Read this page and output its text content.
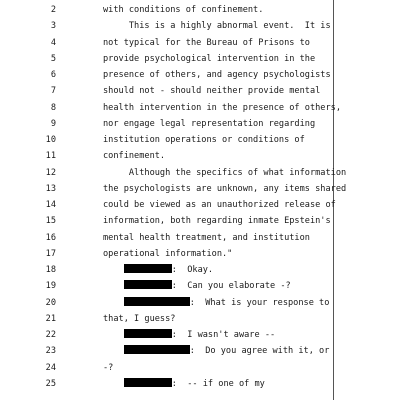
2	with conditions of confinement.
3	This is a highly abnormal event.  It is
4	not typical for the Bureau of Prisons to
5	provide psychological intervention in the
6	presence of others, and agency psychologists
7	should not - should neither provide mental
8	health intervention in the presence of others,
9	nor engage legal representation regarding
10	institution operations or conditions of
11	confinement.
12	Although the specifics of what information
13	the psychologists are unknown, any items shared
14	could be viewed as an unauthorized release of
15	information, both regarding inmate Epstein's
16	mental health treatment, and institution
17	operational information."
18	:  Okay.
19	:  Can you elaborate -?
20	:  What is your response to
21	that, I guess?
22	:  I wasn't aware --
23	:  Do you agree with it, or
24	-?
25	:  -- if one of my
